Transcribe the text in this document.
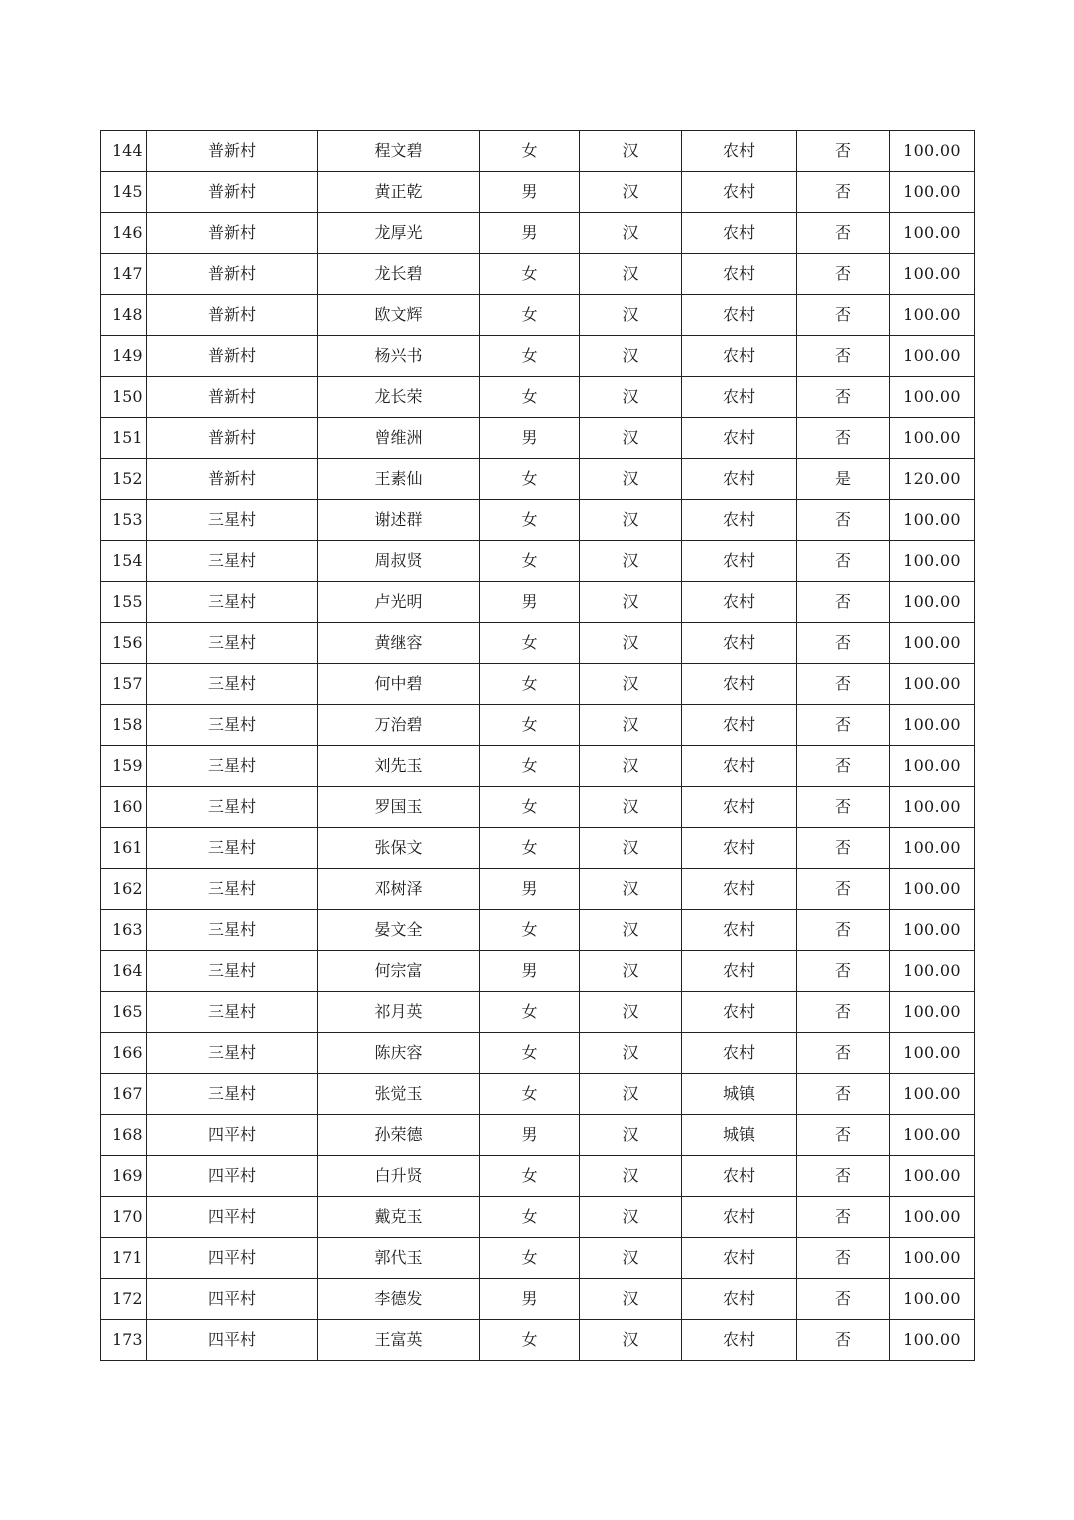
144	普新村	程文碧	女	汉	农村	否	100.00
145	普新村	黄正乾	男	汉	农村	否	100.00
146	普新村	龙厚光	男	汉	农村	否	100.00
147	普新村	龙长碧	女	汉	农村	否	100.00
148	普新村	欧文辉	女	汉	农村	否	100.00
149	普新村	杨兴书	女	汉	农村	否	100.00
150	普新村	龙长荣	女	汉	农村	否	100.00
151	普新村	曾维洲	男	汉	农村	否	100.00
152	普新村	王素仙	女	汉	农村	是	120.00
153	三星村	谢述群	女	汉	农村	否	100.00
154	三星村	周叔贤	女	汉	农村	否	100.00
155	三星村	卢光明	男	汉	农村	否	100.00
156	三星村	黄继容	女	汉	农村	否	100.00
157	三星村	何中碧	女	汉	农村	否	100.00
158	三星村	万治碧	女	汉	农村	否	100.00
159	三星村	刘先玉	女	汉	农村	否	100.00
160	三星村	罗国玉	女	汉	农村	否	100.00
161	三星村	张保文	女	汉	农村	否	100.00
162	三星村	邓树泽	男	汉	农村	否	100.00
163	三星村	晏文全	女	汉	农村	否	100.00
164	三星村	何宗富	男	汉	农村	否	100.00
165	三星村	祁月英	女	汉	农村	否	100.00
166	三星村	陈庆容	女	汉	农村	否	100.00
167	三星村	张觉玉	女	汉	城镇	否	100.00
168	四平村	孙荣德	男	汉	城镇	否	100.00
169	四平村	白升贤	女	汉	农村	否	100.00
170	四平村	戴克玉	女	汉	农村	否	100.00
171	四平村	郭代玉	女	汉	农村	否	100.00
172	四平村	李德发	男	汉	农村	否	100.00
173	四平村	王富英	女	汉	农村	否	100.00
